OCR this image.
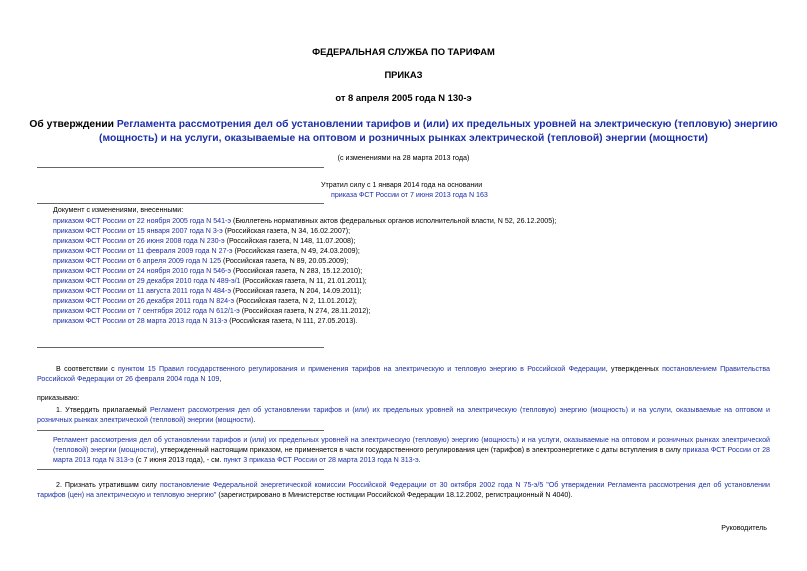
ФЕДЕРАЛЬНАЯ СЛУЖБА ПО ТАРИФАМ
ПРИКАЗ
от 8 апреля 2005 года N 130-э
Об утверждении Регламента рассмотрения дел об установлении тарифов и (или) их предельных уровней на электрическую (тепловую) энергию (мощность) и на услуги, оказываемые на оптовом и розничных рынках электрической (тепловой) энергии (мощности)
(с изменениями на 28 марта 2013 года)
Утратил силу с 1 января 2014 года на основании
приказа ФСТ России от 7 июня 2013 года N 163
Документ с изменениями, внесенными:
приказом ФСТ России от 22 ноября 2005 года N 541-э (Бюллетень нормативных актов федеральных органов исполнительной власти, N 52, 26.12.2005);
приказом ФСТ России от 15 января 2007 года N 3-э (Российская газета, N 34, 16.02.2007);
приказом ФСТ России от 26 июня 2008 года N 230-э (Российская газета, N 148, 11.07.2008);
приказом ФСТ России от 11 февраля 2009 года N 27-э (Российская газета, N 49, 24.03.2009);
приказом ФСТ России от 6 апреля 2009 года N 125 (Российская газета, N 89, 20.05.2009);
приказом ФСТ России от 24 ноября 2010 года N 546-э (Российская газета, N 283, 15.12.2010);
приказом ФСТ России от 29 декабря 2010 года N 489-э/1 (Российская газета, N 11, 21.01.2011);
приказом ФСТ России от 11 августа 2011 года N 484-э (Российская газета, N 204, 14.09.2011);
приказом ФСТ России от 26 декабря 2011 года N 824-э (Российская газета, N 2, 11.01.2012);
приказом ФСТ России от 7 сентября 2012 года N 612/1-э (Российская газета, N 274, 28.11.2012);
приказом ФСТ России от 28 марта 2013 года N 313-э (Российская газета, N 111, 27.05.2013).
В соответствии с пунктом 15 Правил государственного регулирования и применения тарифов на электрическую и тепловую энергию в Российской Федерации, утвержденных постановлением Правительства Российской Федерации от 26 февраля 2004 года N 109,
приказываю:
1. Утвердить прилагаемый Регламент рассмотрения дел об установлении тарифов и (или) их предельных уровней на электрическую (тепловую) энергию (мощность) и на услуги, оказываемые на оптовом и розничных рынках электрической (тепловой) энергии (мощности).
Регламент рассмотрения дел об установлении тарифов и (или) их предельных уровней на электрическую (тепловую) энергию (мощность) и на услуги, оказываемые на оптовом и розничных рынках электрической (тепловой) энергии (мощности), утвержденный настоящим приказом, не применяется в части государственного регулирования цен (тарифов) в электроэнергетике с даты вступления в силу приказа ФСТ России от 28 марта 2013 года N 313-э (с 7 июня 2013 года), - см. пункт 3 приказа ФСТ России от 28 марта 2013 года N 313-э.
2. Признать утратившим силу постановление Федеральной энергетической комиссии Российской Федерации от 30 октября 2002 года N 75-э/5 "Об утверждении Регламента рассмотрения дел об установлении тарифов (цен) на электрическую и тепловую энергию" (зарегистрировано в Министерстве юстиции Российской Федерации 18.12.2002, регистрационный N 4040).
Руководитель
